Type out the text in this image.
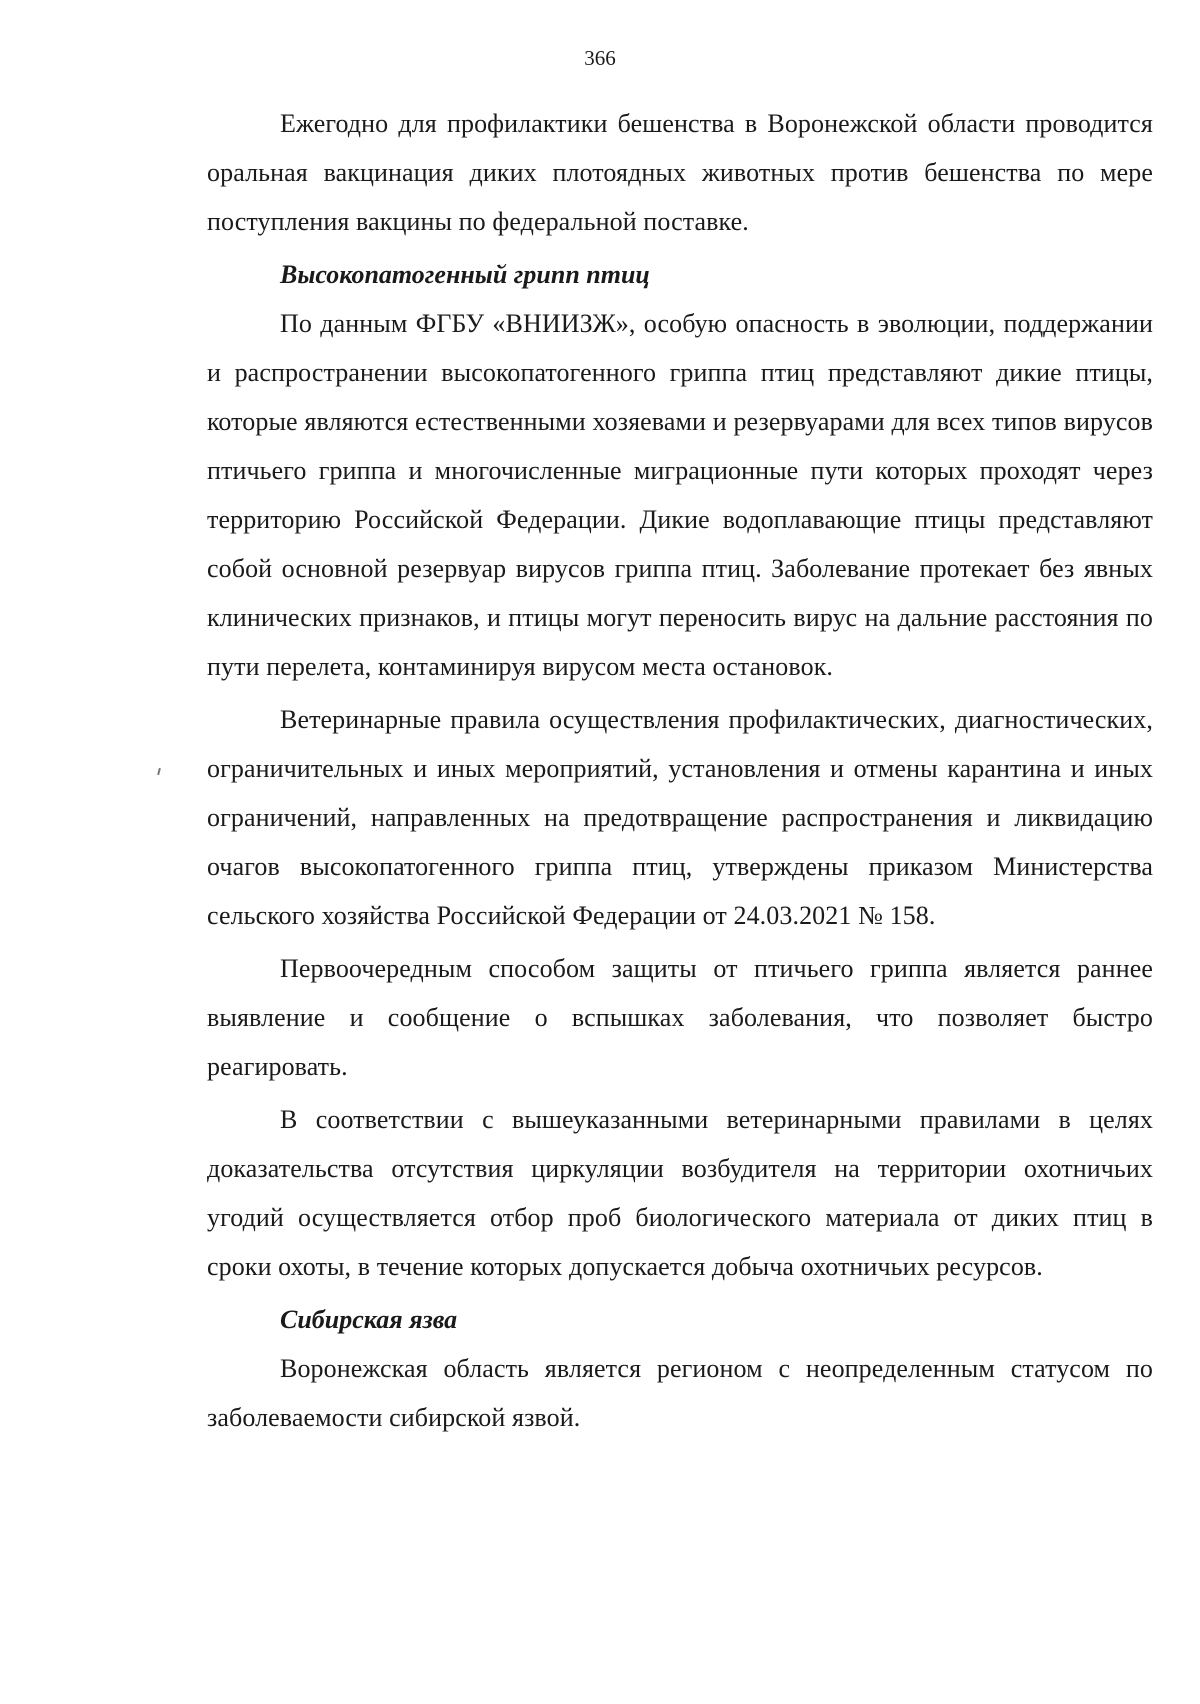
366

Ежегодно для профилактики бешенства в Воронежской области проводится оральная вакцинация диких плотоядных животных против бешенства по мере поступления вакцины по федеральной поставке.

Высокопатогенный грипп птиц

По данным ФГБУ «ВНИИЗЖ», особую опасность в эволюции, поддержании и распространении высокопатогенного гриппа птиц представляют дикие птицы, которые являются естественными хозяевами и резервуарами для всех типов вирусов птичьего гриппа и многочисленные миграционные пути которых проходят через территорию Российской Федерации. Дикие водоплавающие птицы представляют собой основной резервуар вирусов гриппа птиц. Заболевание протекает без явных клинических признаков, и птицы могут переносить вирус на дальние расстояния по пути перелета, контаминируя вирусом места остановок.

Ветеринарные правила осуществления профилактических, диагностических, ограничительных и иных мероприятий, установления и отмены карантина и иных ограничений, направленных на предотвращение распространения и ликвидацию очагов высокопатогенного гриппа птиц, утверждены приказом Министерства сельского хозяйства Российской Федерации от 24.03.2021 № 158.

Первоочередным способом защиты от птичьего гриппа является раннее выявление и сообщение о вспышках заболевания, что позволяет быстро реагировать.

В соответствии с вышеуказанными ветеринарными правилами в целях доказательства отсутствия циркуляции возбудителя на территории охотничьих угодий осуществляется отбор проб биологического материала от диких птиц в сроки охоты, в течение которых допускается добыча охотничьих ресурсов.

Сибирская язва

Воронежская область является регионом с неопределенным статусом по заболеваемости сибирской язвой.
